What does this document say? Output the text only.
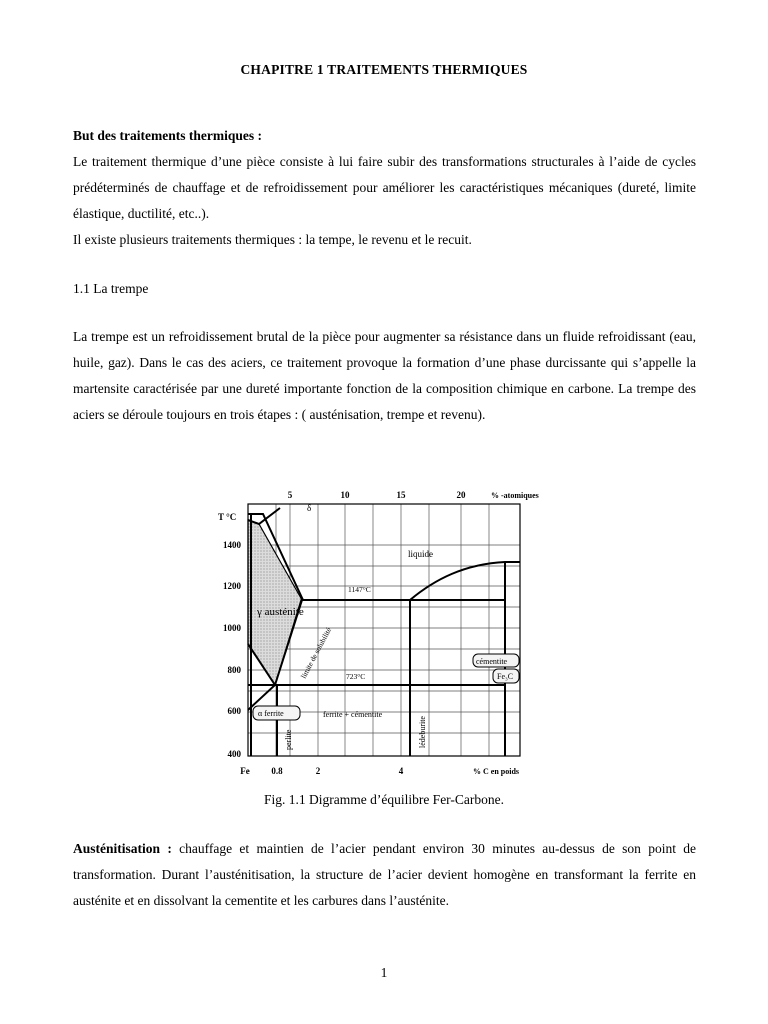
CHAPITRE 1 TRAITEMENTS THERMIQUES

But des traitements thermiques :

Le traitement thermique d’une pièce consiste à lui faire subir des transformations structurales à l’aide de cycles prédéterminés de chauffage et de refroidissement pour améliorer les caractéristiques mécaniques (dureté, limite élastique, ductilité, etc..).

Il existe plusieurs traitements thermiques : la tempe, le revenu et le recuit.

1.1 La trempe

La trempe est un refroidissement brutal de la pièce pour augmenter sa résistance dans un fluide refroidissant (eau, huile, gaz). Dans le cas des aciers, ce traitement provoque la formation d’une phase durcissante qui s’appelle la martensite caractérisée par une dureté importante fonction de la composition chimique en carbone. La trempe des aciers se déroule toujours en trois étapes : ( austénisation, trempe et revenu).

5	10	15	20	% -atomiques
T °C
1400
1200
1000
800
600
400
Fe 0.8	2	4	% C en poids
δ
liquide
1147°C
γ austénite
limite de solubilité 723°C
cémentite
Fe₃C
α ferrite	ferrite + cémentite
perlite	lédeburite
Fig. 1.1 Digramme d’équilibre Fer-Carbone.

Austénitisation : chauffage et maintien de l’acier pendant environ 30 minutes au-dessus de son point de transformation. Durant l’austénitisation, la structure de l’acier devient homogène en transformant la ferrite en austénite et en dissolvant la cementite et les carbures dans l’austénite.

1
